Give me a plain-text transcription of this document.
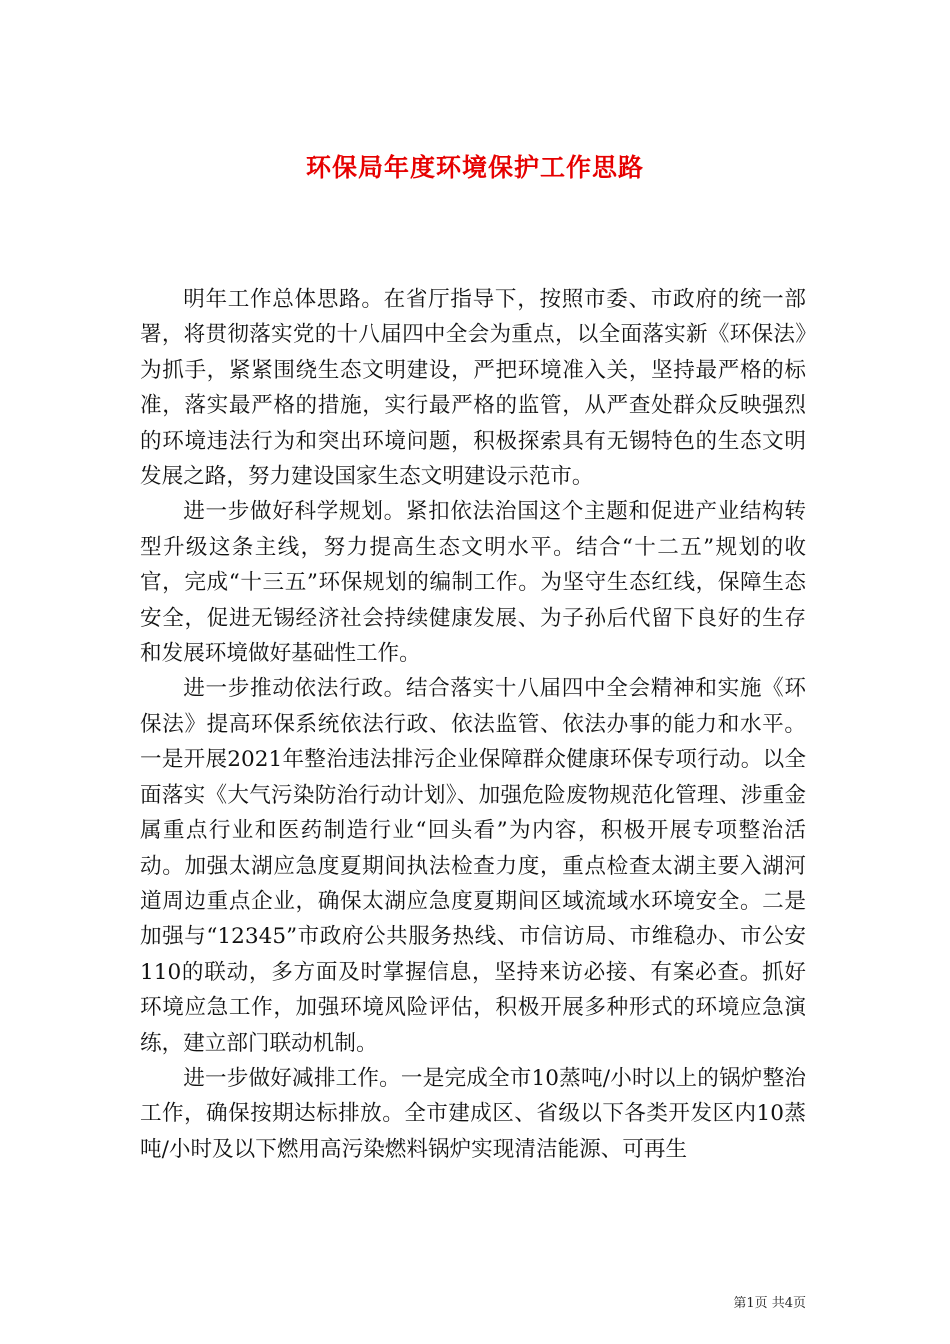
环保局年度环境保护工作思路

明年工作总体思路。在省厅指导下，按照市委、市政府的统一部署，将贯彻落实党的十八届四中全会为重点，以全面落实新《环保法》为抓手，紧紧围绕生态文明建设，严把环境准入关，坚持最严格的标准，落实最严格的措施，实行最严格的监管，从严查处群众反映强烈的环境违法行为和突出环境问题，积极探索具有无锡特色的生态文明发展之路，努力建设国家生态文明建设示范市。

进一步做好科学规划。紧扣依法治国这个主题和促进产业结构转型升级这条主线，努力提高生态文明水平。结合“十二五”规划的收官，完成“十三五”环保规划的编制工作。为坚守生态红线，保障生态安全，促进无锡经济社会持续健康发展、为子孙后代留下良好的生存和发展环境做好基础性工作。

进一步推动依法行政。结合落实十八届四中全会精神和实施《环保法》提高环保系统依法行政、依法监管、依法办事的能力和水平。一是开展2021年整治违法排污企业保障群众健康环保专项行动。以全面落实《大气污染防治行动计划》、加强危险废物规范化管理、涉重金属重点行业和医药制造行业“回头看”为内容，积极开展专项整治活动。加强太湖应急度夏期间执法检查力度，重点检查太湖主要入湖河道周边重点企业，确保太湖应急度夏期间区域流域水环境安全。二是加强与“12345”市政府公共服务热线、市信访局、市维稳办、市公安110的联动，多方面及时掌握信息，坚持来访必接、有案必查。抓好环境应急工作，加强环境风险评估，积极开展多种形式的环境应急演练，建立部门联动机制。

进一步做好减排工作。一是完成全市10蒸吨/小时以上的锅炉整治工作，确保按期达标排放。全市建成区、省级以下各类开发区内10蒸吨/小时及以下燃用高污染燃料锅炉实现清洁能源、可再生

第1页 共4页
